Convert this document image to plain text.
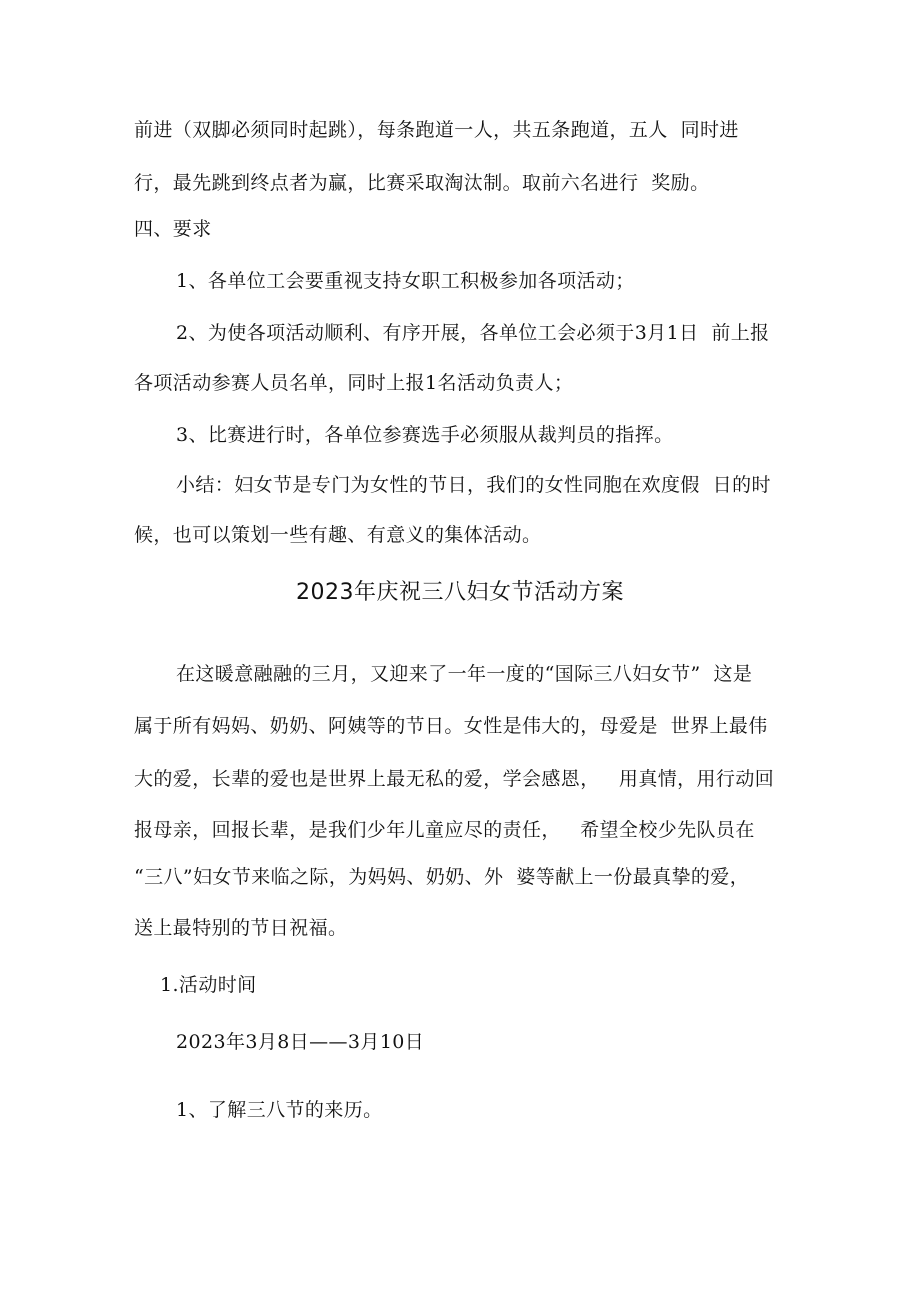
前进（双脚必须同时起跳），每条跑道一人，共五条跑道，五人  同时进
行，最先跳到终点者为赢，比赛采取淘汰制。取前六名进行  奖励。
四、要求
1、各单位工会要重视支持女职工积极参加各项活动；
2、为使各项活动顺利、有序开展，各单位工会必须于3月1日  前上报
各项活动参赛人员名单，同时上报1名活动负责人；
3、比赛进行时，各单位参赛选手必须服从裁判员的指挥。
小结：妇女节是专门为女性的节日，我们的女性同胞在欢度假  日的时
候，也可以策划一些有趣、有意义的集体活动。
2023年庆祝三八妇女节活动方案
在这暖意融融的三月，又迎来了一年一度的“国际三八妇女节”  这是
属于所有妈妈、奶奶、阿姨等的节日。女性是伟大的，母爱是  世界上最伟
大的爱，长辈的爱也是世界上最无私的爱，学会感恩，   用真情，用行动回
报母亲，回报长辈，是我们少年儿童应尽的责任，   希望全校少先队员在
“三八”妇女节来临之际，为妈妈、奶奶、外  婆等献上一份最真挚的爱，
送上最特别的节日祝福。
1.活动时间
2023年3月8日——3月10日
1、了解三八节的来历。
